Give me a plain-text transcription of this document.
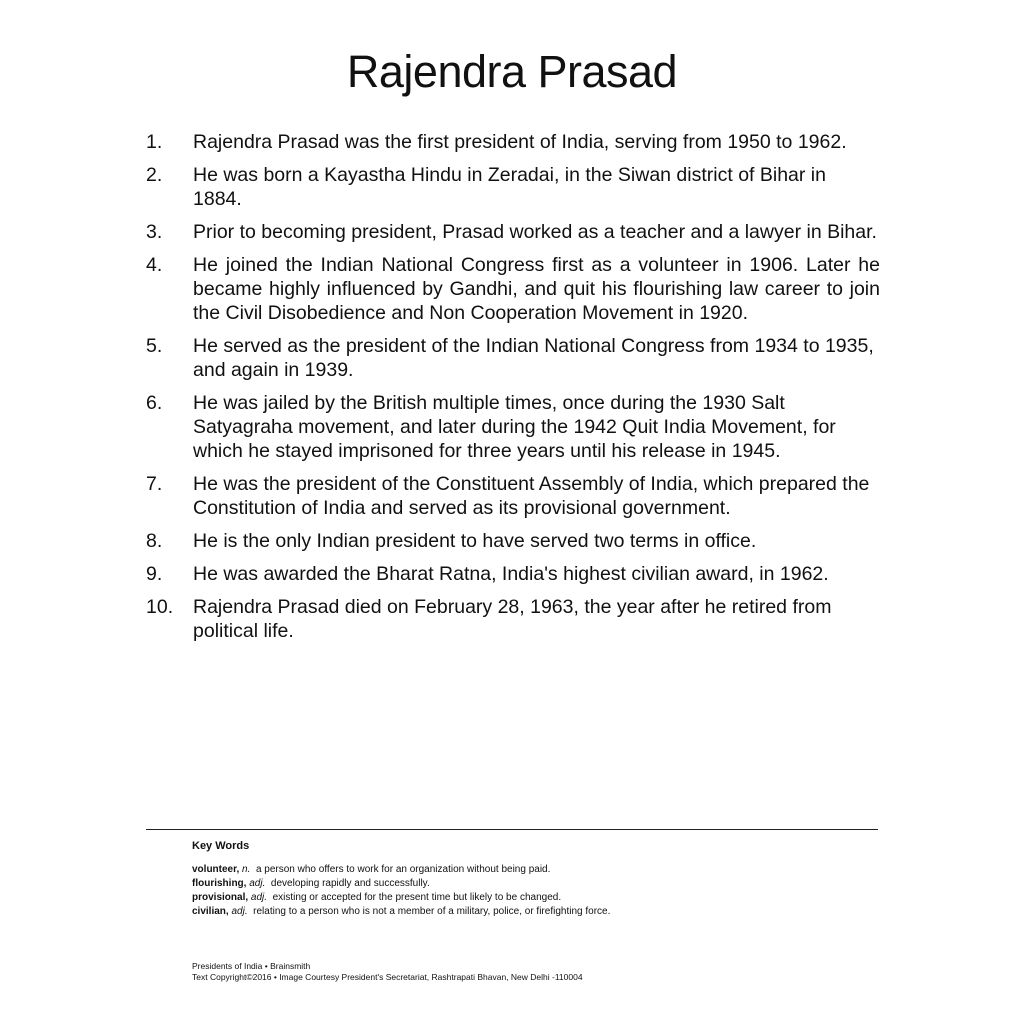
Rajendra Prasad
1.	Rajendra Prasad was the first president of India, serving from 1950 to 1962.
2.	He was born a Kayastha Hindu in Zeradai, in the Siwan district of Bihar in 1884.
3.	Prior to becoming president, Prasad worked as a teacher and a lawyer in Bihar.
4.	He joined the Indian National Congress first as a volunteer in 1906. Later he became highly influenced by Gandhi, and quit his flourishing law career to join the Civil Disobedience and Non Cooperation Movement in 1920.
5.	He served as the president of the Indian National Congress from 1934 to 1935, and again in 1939.
6.	He was jailed by the British multiple times, once during the 1930 Salt Satyagraha movement, and later during the 1942 Quit India Movement, for which he stayed imprisoned for three years until his release in 1945.
7.	He was the president of the Constituent Assembly of India, which prepared the Constitution of India and served as its provisional government.
8.	He is the only Indian president to have served two terms in office.
9.	He was awarded the Bharat Ratna, India's highest civilian award, in 1962.
10.	Rajendra Prasad died on February 28, 1963, the year after he retired from political life.
Key Words

volunteer, n. a person who offers to work for an organization without being paid.

flourishing, adj. developing rapidly and successfully.

provisional, adj. existing or accepted for the present time but likely to be changed.

civilian, adj. relating to a person who is not a member of a military, police, or firefighting force.

Presidents of India • Brainsmith

Text Copyright©2016 • Image Courtesy President's Secretariat, Rashtrapati Bhavan, New Delhi -110004
